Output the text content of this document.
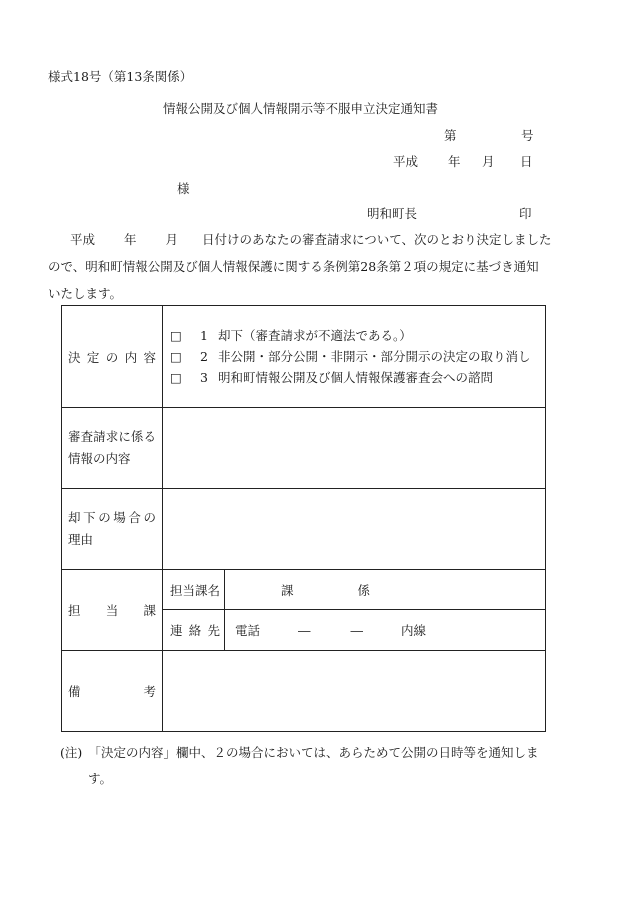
様式18号（第13条関係）
情報公開及び個人情報開示等不服申立決定通知書
第	号
平成 年 月 日
様
明和町長	印
平成 年 月 日付けのあなたの審査請求について、次のとおり決定しました
ので、明和町情報公開及び個人情報保護に関する条例第28条第２項の規定に基づき通知
いたします。
決定の内容	□ 1 却下（審査請求が不適法である。）
□ 2 非公開・部分公開・非開示・部分開示の決定の取り消し
□ 3 明和町情報公開及び個人情報保護審査会への諮問	

審査請求に係る
情報の内容		

却下の場合の
理由		

担当課	担当課名	課 係
	連絡先	電話 ― ― 内線

備考		

(注)　「決定の内容」欄中、２の場合においては、あらためて公開の日時等を通知しま
す。
